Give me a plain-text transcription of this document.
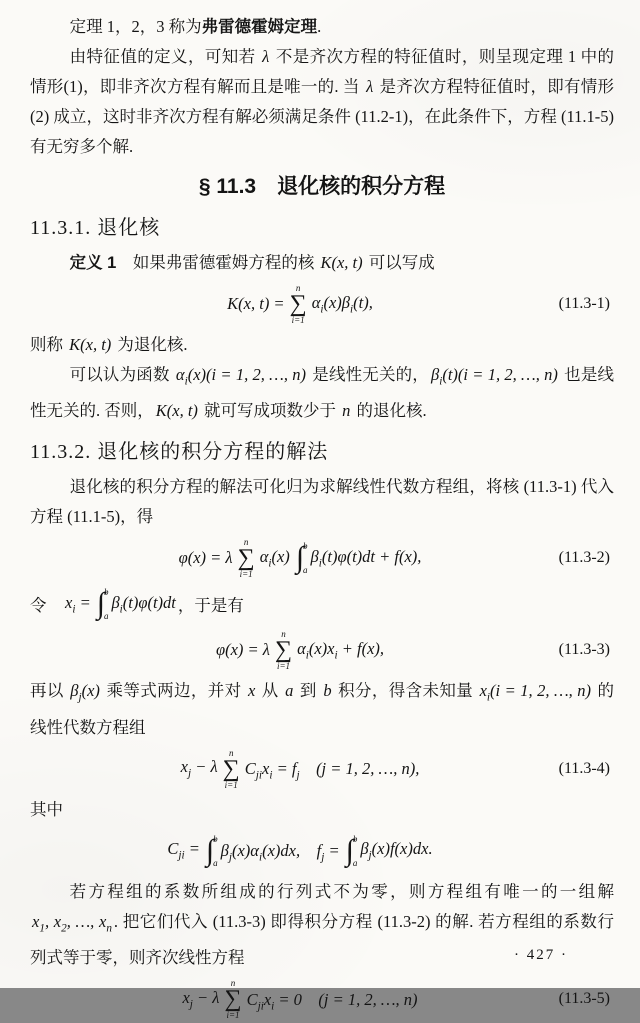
定理 1，2，3 称为弗雷德霍姆定理.

由特征值的定义，可知若 λ 不是齐次方程的特征值时，则呈现定理 1 中的情形(1)，即非齐次方程有解而且是唯一的. 当 λ 是齐次方程特征值时，即有情形 (2) 成立，这时非齐次方程有解必须满足条件 (11.2-1)，在此条件下，方程 (11.1-5) 有无穷多个解.

§ 11.3　退化核的积分方程
11.3.1. 退化核

定义 1　如果弗雷德霍姆方程的核 K(x, t) 可以写成

K(x, t) =
n
∑
i=1
$\alpha_i(x)\beta_i(t)$,	(11.3-1)

则称 K(x, t) 为退化核.

可以认为函数 $\alpha_i(x)(i = 1$, 2, …, n) 是线性无关的， $\beta_i(t)(i = 1$, 2, …, n) 也是线性无关的. 否则， K(x, t) 就可写成项数少于 n 的退化核.

11.3.2. 退化核的积分方程的解法

退化核的积分方程的解法可化归为求解线性代数方程组，将核 (11.3-1) 代入方程 (11.1-5)，得

φ(x) = λ
n
∑
i=1
$\alpha_i(x)$ ∫ b
a
$\beta_i(t)\varphi(t)dt + f(x)$,	(11.3-2)
令　 $x_i$ = ∫ b
a
$\beta_i(t)\varphi(t)dt$ ，于是有
φ(x) = λ
n
∑
i=1
$\alpha_i(x)x_i + f(x)$,	(11.3-3)

再以 $\beta_j(x)$ 乘等式两边，并对 x 从 a 到 b 积分，得含未知量 $x_i(i = 1$, 2, …, n) 的线性代数方程组

$x_j - \lambda$
n
∑
i=1
$C_{ji}x_i = f_j$　(j = 1, 2, …, n),	(11.3-4)

其中

$C_{ji}$ = ∫ b
a
$\beta_j(x)\alpha_i(x)dx$,　$f_j$ = ∫ b
a
$\beta_j(x)f(x)dx$.

若方程组的系数所组成的行列式不为零，则方程组有唯一的一组解 $x_1$, $x_2$, …, $x_n$ . 把它们代入 (11.3-3) 即得积分方程 (11.3-2) 的解. 若方程组的系数行列式等于零，则齐次线性方程

$x_j - \lambda$
n
∑
i=1
$C_{ji}x_i = 0$　(j = 1, 2, …, n)	(11.3-5)
· 427 ·
